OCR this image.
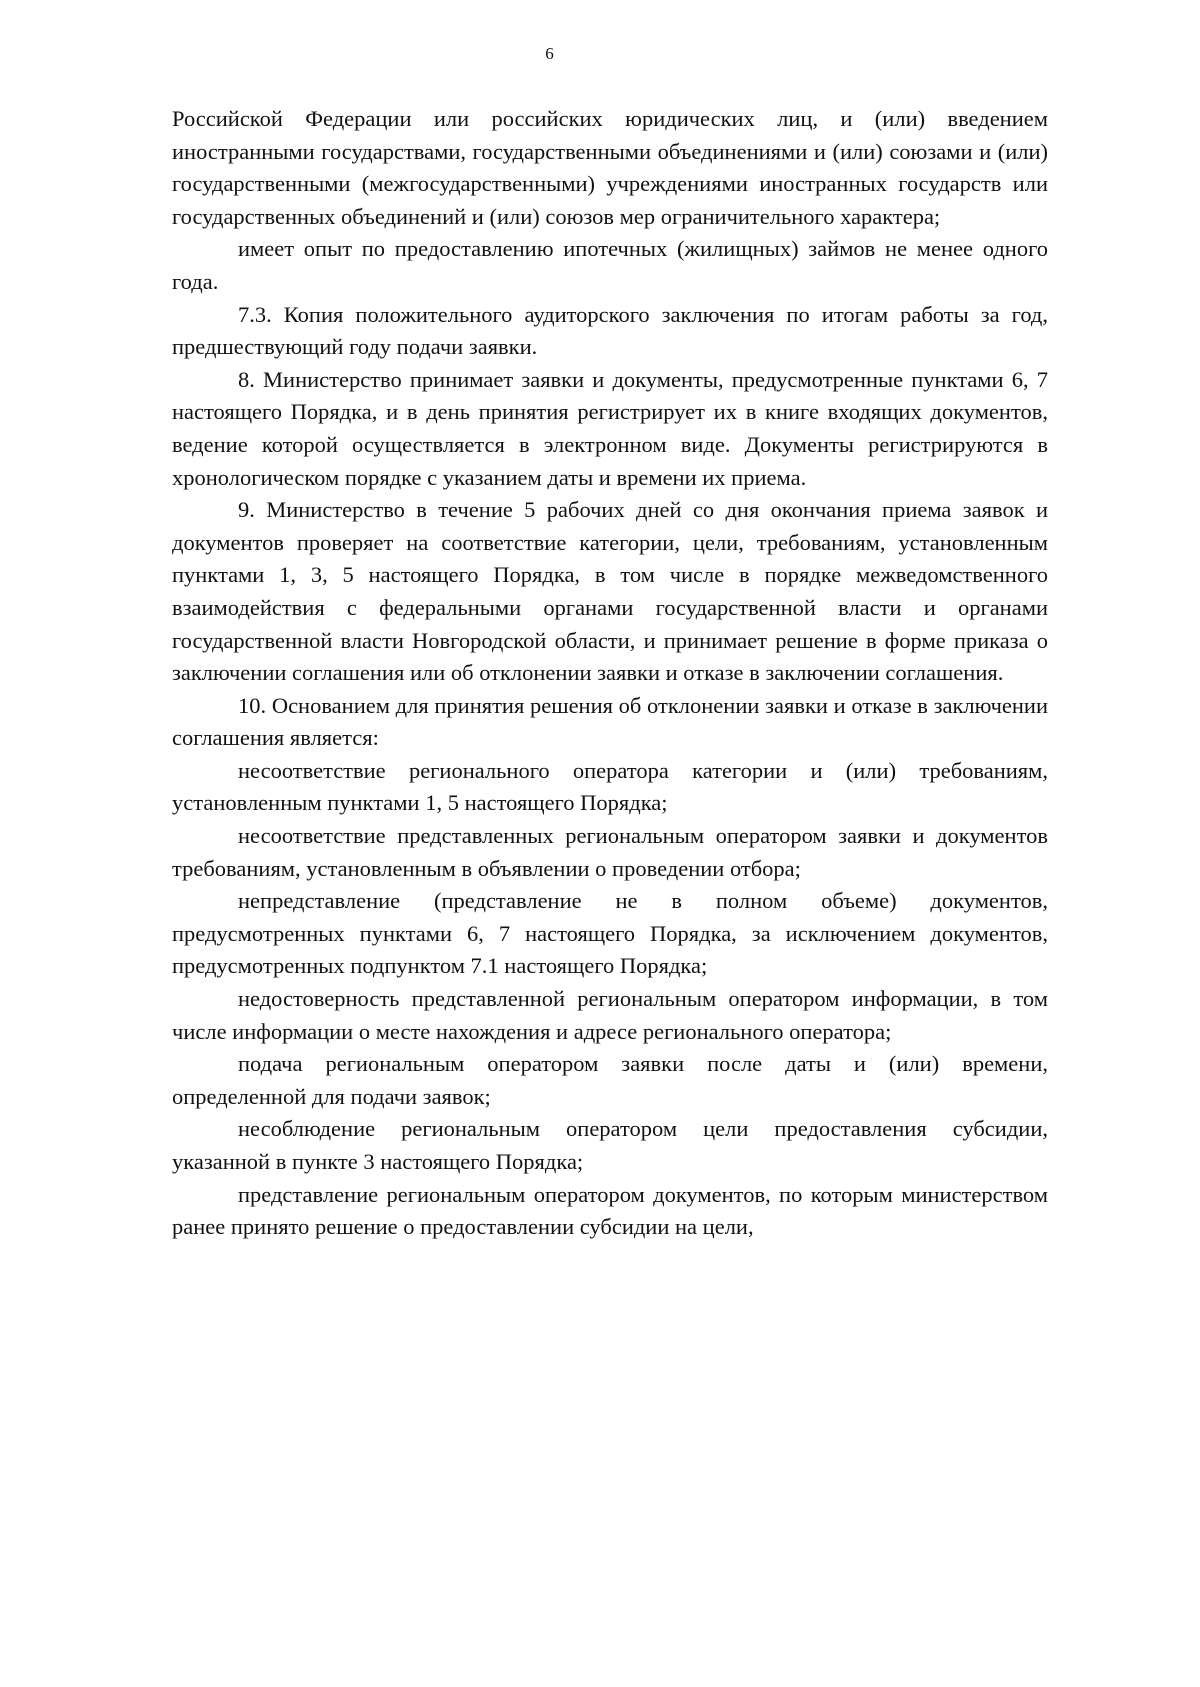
6

Российской Федерации или российских юридических лиц, и (или) введением иностранными государствами, государственными объединениями и (или) союзами и (или) государственными (межгосударственными) учреждениями иностранных государств или государственных объединений и (или) союзов мер ограничительного характера;

имеет опыт по предоставлению ипотечных (жилищных) займов не менее одного года.

7.3. Копия положительного аудиторского заключения по итогам работы за год, предшествующий году подачи заявки.

8. Министерство принимает заявки и документы, предусмотренные пунктами 6, 7 настоящего Порядка, и в день принятия регистрирует их в книге входящих документов, ведение которой осуществляется в электронном виде. Документы регистрируются в хронологическом порядке с указанием даты и времени их приема.

9. Министерство в течение 5 рабочих дней со дня окончания приема заявок и документов проверяет на соответствие категории, цели, требованиям, установленным пунктами 1, 3, 5 настоящего Порядка, в том числе в порядке межведомственного взаимодействия с федеральными органами государственной власти и органами государственной власти Новгородской области, и принимает решение в форме приказа о заключении соглашения или об отклонении заявки и отказе в заключении соглашения.

10. Основанием для принятия решения об отклонении заявки и отказе в заключении соглашения является:

несоответствие регионального оператора категории и (или) требованиям, установленным пунктами 1, 5 настоящего Порядка;

несоответствие представленных региональным оператором заявки и документов требованиям, установленным в объявлении о проведении отбора;

непредставление (представление не в полном объеме) документов, предусмотренных пунктами 6, 7 настоящего Порядка, за исключением документов, предусмотренных подпунктом 7.1 настоящего Порядка;

недостоверность представленной региональным оператором информации, в том числе информации о месте нахождения и адресе регионального оператора;

подача региональным оператором заявки после даты и (или) времени, определенной для подачи заявок;

несоблюдение региональным оператором цели предоставления субсидии, указанной в пункте 3 настоящего Порядка;

представление региональным оператором документов, по которым министерством ранее принято решение о предоставлении субсидии на цели,
